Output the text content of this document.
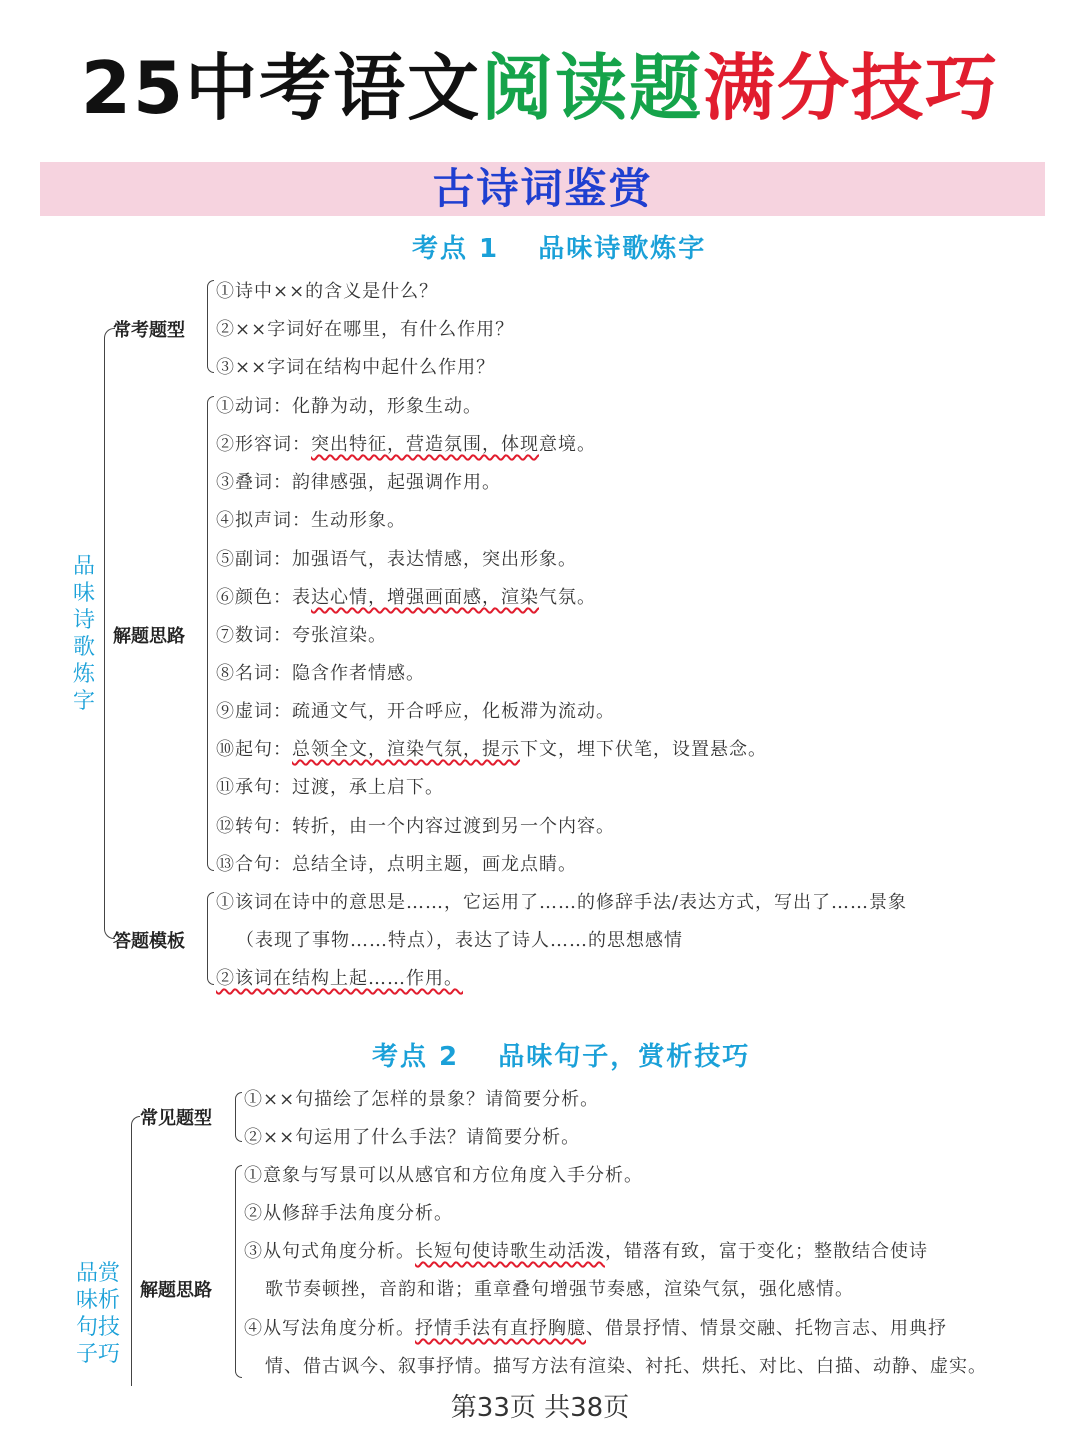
25中考语文阅读题满分技巧
古诗词鉴赏
考点 1　 品味诗歌炼字
品
味
诗
歌
炼
字
常考题型
①诗中××的含义是什么？
②××字词好在哪里，有什么作用？
③××字词在结构中起什么作用？
解题思路
①动词：化静为动，形象生动。
②形容词：突出特征，营造氛围，体现意境。
③叠词：韵律感强，起强调作用。
④拟声词：生动形象。
⑤副词：加强语气，表达情感，突出形象。
⑥颜色：表达心情，增强画面感，渲染气氛。
⑦数词：夸张渲染。
⑧名词：隐含作者情感。
⑨虚词：疏通文气，开合呼应，化板滞为流动。
⑩起句：总领全文，渲染气氛，提示下文，埋下伏笔，设置悬念。
⑪承句：过渡，承上启下。
⑫转句：转折，由一个内容过渡到另一个内容。
⑬合句：总结全诗，点明主题，画龙点睛。
答题模板
①该词在诗中的意思是……，它运用了……的修辞手法/表达方式，写出了……景象
（表现了事物……特点），表达了诗人……的思想感情
②该词在结构上起……作用。
考点 2　 品味句子，赏析技巧
品赏
味析
句技
子巧
常见题型
①××句描绘了怎样的景象？请简要分析。
②××句运用了什么手法？请简要分析。
解题思路
①意象与写景可以从感官和方位角度入手分析。
②从修辞手法角度分析。
③从句式角度分析。长短句使诗歌生动活泼，错落有致，富于变化；整散结合使诗
歌节奏顿挫，音韵和谐；重章叠句增强节奏感，渲染气氛，强化感情。
④从写法角度分析。抒情手法有直抒胸臆、借景抒情、情景交融、托物言志、用典抒
情、借古讽今、叙事抒情。描写方法有渲染、衬托、烘托、对比、白描、动静、虚实。
第33页 共38页
